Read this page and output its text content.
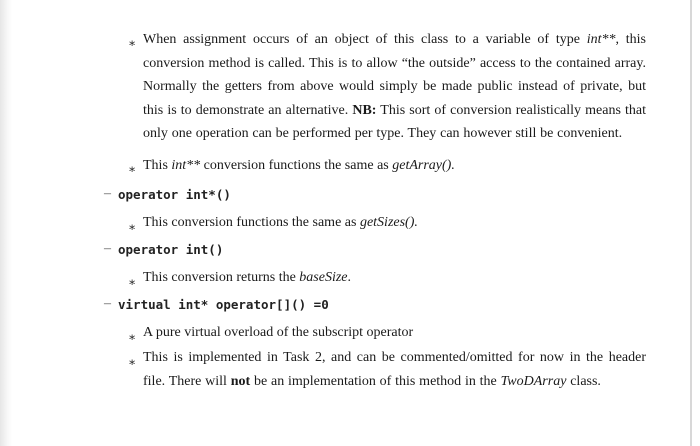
∗ When assignment occurs of an object of this class to a variable of type int**, this conversion method is called. This is to allow “the outside” access to the contained array. Normally the getters from above would simply be made public instead of private, but this is to demonstrate an alternative. NB: This sort of conversion realistically means that only one operation can be performed per type. They can however still be convenient.
∗ This int** conversion functions the same as getArray().
– operator int*()
∗ This conversion functions the same as getSizes().
– operator int()
∗ This conversion returns the baseSize.
– virtual int* operator[]() =0
∗ A pure virtual overload of the subscript operator
∗ This is implemented in Task 2, and can be commented/omitted for now in the header file. There will not be an implementation of this method in the TwoDArray class.
